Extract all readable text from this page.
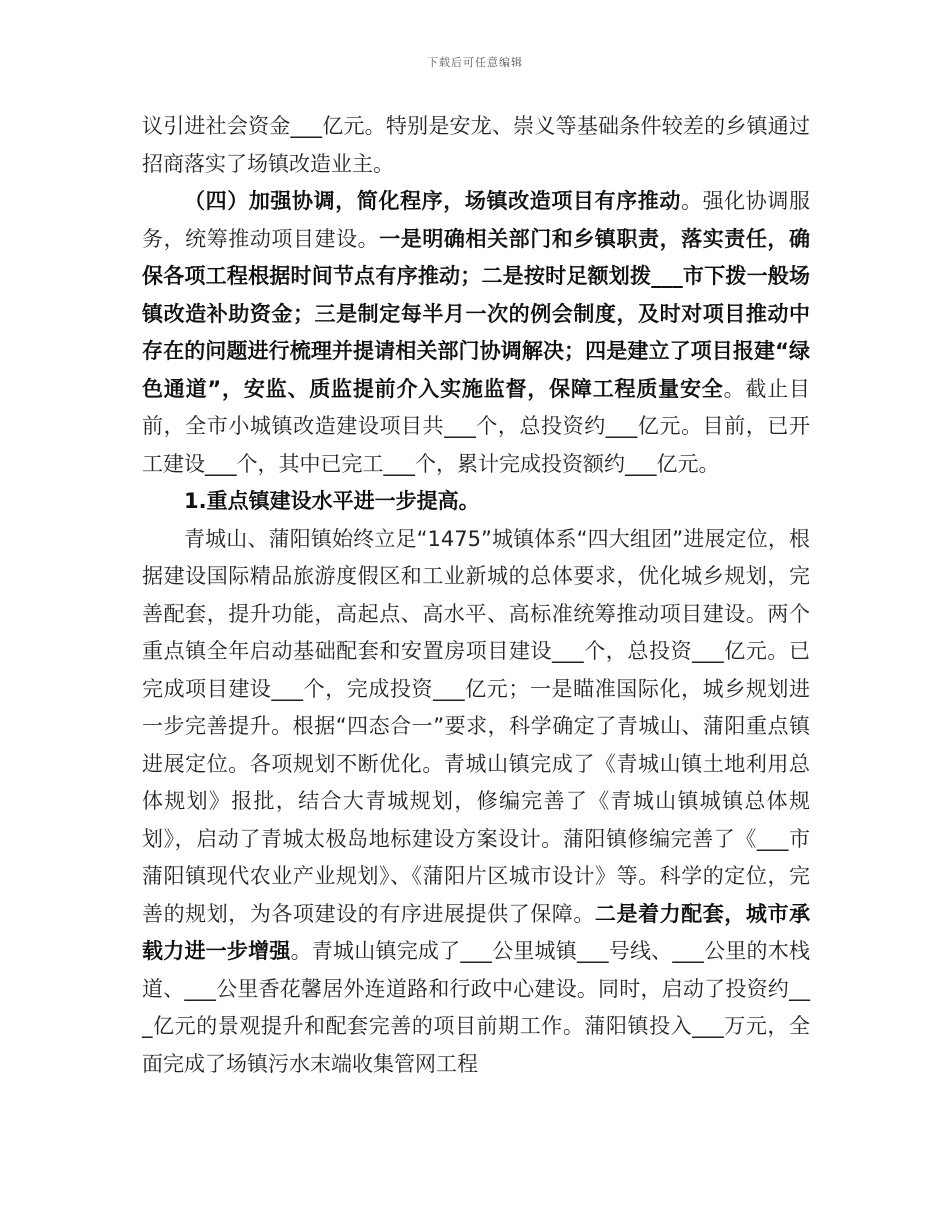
下载后可任意编辑

议引进社会资金___亿元。特别是安龙、崇义等基础条件较差的乡镇通过招商落实了场镇改造业主。

（四）加强协调，简化程序，场镇改造项目有序推动。强化协调服务，统筹推动项目建设。一是明确相关部门和乡镇职责，落实责任，确保各项工程根据时间节点有序推动；二是按时足额划拨___市下拨一般场镇改造补助资金；三是制定每半月一次的例会制度，及时对项目推动中存在的问题进行梳理并提请相关部门协调解决；四是建立了项目报建“绿色通道”，安监、质监提前介入实施监督，保障工程质量安全。截止目前，全市小城镇改造建设项目共___个，总投资约___亿元。目前，已开工建设___个，其中已完工___个，累计完成投资额约___亿元。

1.重点镇建设水平进一步提高。

青城山、蒲阳镇始终立足“1475”城镇体系“四大组团”进展定位，根据建设国际精品旅游度假区和工业新城的总体要求，优化城乡规划，完善配套，提升功能，高起点、高水平、高标准统筹推动项目建设。两个重点镇全年启动基础配套和安置房项目建设___个，总投资___亿元。已完成项目建设___个，完成投资___亿元；一是瞄准国际化，城乡规划进一步完善提升。根据“四态合一”要求，科学确定了青城山、蒲阳重点镇进展定位。各项规划不断优化。青城山镇完成了《青城山镇土地利用总体规划》报批，结合大青城规划，修编完善了《青城山镇城镇总体规划》，启动了青城太极岛地标建设方案设计。蒲阳镇修编完善了《___市蒲阳镇现代农业产业规划》、《蒲阳片区城市设计》等。科学的定位，完善的规划，为各项建设的有序进展提供了保障。二是着力配套，城市承载力进一步增强。青城山镇完成了___公里城镇___号线、___公里的木栈道、___公里香花馨居外连道路和行政中心建设。同时，启动了投资约___亿元的景观提升和配套完善的项目前期工作。蒲阳镇投入___万元，全面完成了场镇污水末端收集管网工程
